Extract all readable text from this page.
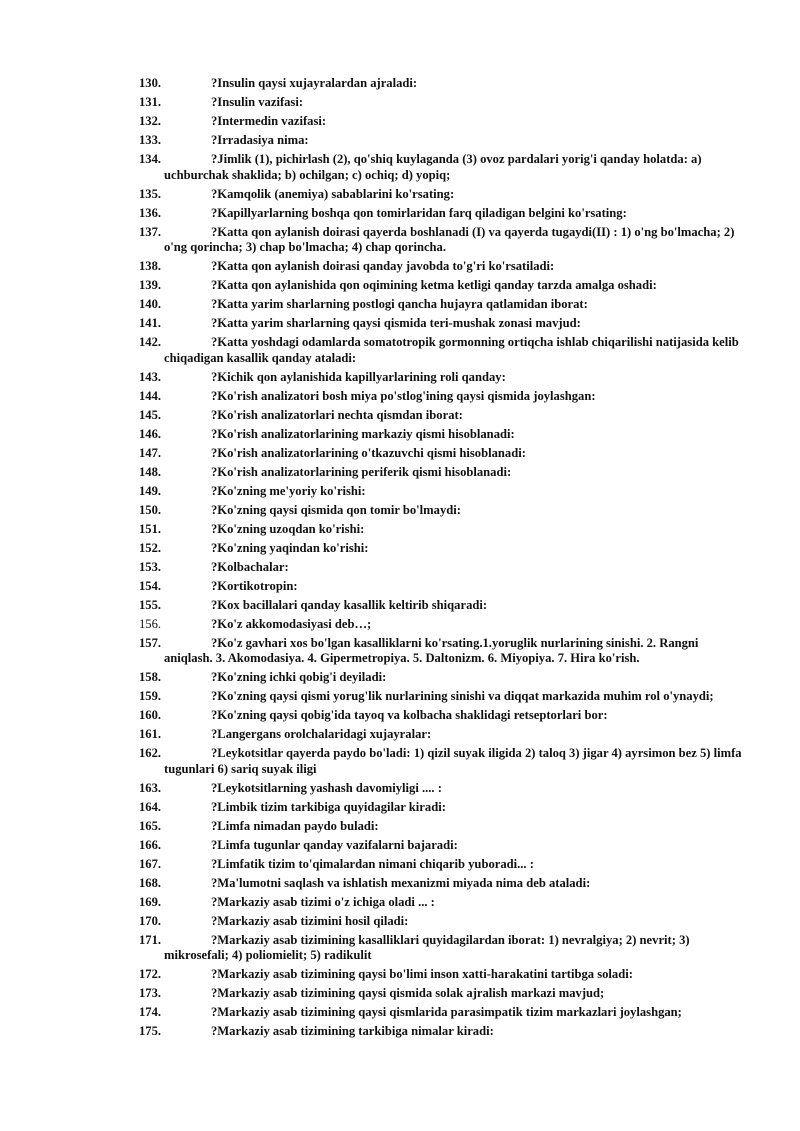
130.	?Insulin qaysi xujayralardan ajraladi:
131.	?Insulin vazifasi:
132.	?Intermedin vazifasi:
133.	?Irradasiya nima:
134.	?Jimlik (1), pichirlash (2), qo'shiq kuylaganda (3) ovoz pardalari yorig'i qanday holatda: a) uchburchak shaklida; b) ochilgan; c) ochiq; d) yopiq;
135.	?Kamqolik (anemiya) sabablarini ko'rsating:
136.	?Kapillyarlarning boshqa qon tomirlaridan farq qiladigan belgini ko'rsating:
137.	?Katta qon aylanish doirasi qayerda boshlanadi (I) va qayerda tugaydi(II) : 1) o'ng bo'lmacha; 2) o'ng qorincha; 3) chap bo'lmacha; 4) chap qorincha.
138.	?Katta qon aylanish doirasi qanday javobda to'g'ri ko'rsatiladi:
139.	?Katta qon aylanishida qon oqimining ketma ketligi qanday tarzda amalga oshadi:
140.	?Katta yarim sharlarning postlogi qancha hujayra qatlamidan iborat:
141.	?Katta yarim sharlarning qaysi qismida teri-mushak zonasi mavjud:
142.	?Katta yoshdagi odamlarda somatotropik gormonning ortiqcha ishlab chiqarilishi natijasida kelib chiqadigan kasallik qanday ataladi:
143.	?Kichik qon aylanishida kapillyarlarining roli qanday:
144.	?Ko'rish analizatori bosh miya po'stlog'ining qaysi qismida joylashgan:
145.	?Ko'rish analizatorlari nechta qismdan iborat:
146.	?Ko'rish analizatorlarining markaziy qismi hisoblanadi:
147.	?Ko'rish analizatorlarining o'tkazuvchi qismi hisoblanadi:
148.	?Ko'rish analizatorlarining periferik qismi hisoblanadi:
149.	?Ko'zning me'yoriy ko'rishi:
150.	?Ko'zning qaysi qismida qon tomir bo'lmaydi:
151.	?Ko'zning uzoqdan ko'rishi:
152.	?Ko'zning yaqindan ko'rishi:
153.	?Kolbachalar:
154.	?Kortikotropin:
155.	?Kox bacillalari qanday kasallik keltirib shiqaradi:
156.	?Ko'z akkomodasiyasi deb…;
157.	?Ko'z gavhari xos bo'lgan kasalliklarni ko'rsating.1.yoruglik nurlarining sinishi. 2. Rangni aniqlash. 3. Akomodasiya. 4. Gipermetropiya. 5. Daltonizm. 6. Miyopiya. 7. Hira ko'rish.
158.	?Ko'zning ichki qobig'i deyiladi:
159.	?Ko'zning qaysi qismi yorug'lik nurlarining sinishi va diqqat markazida muhim rol o'ynaydi;
160.	?Ko'zning qaysi qobig'ida tayoq va kolbacha shaklidagi retseptorlari bor:
161.	?Langergans orolchalaridagi xujayralar:
162.	?Leykotsitlar qayerda paydo bo'ladi: 1) qizil suyak iligida 2) taloq 3) jigar 4) ayrsimon bez 5) limfa tugunlari 6) sariq suyak iligi
163.	?Leykotsitlarning yashash davomiyligi .... :
164.	?Limbik tizim tarkibiga quyidagilar kiradi:
165.	?Limfa nimadan paydo buladi:
166.	?Limfa tugunlar qanday vazifalarni bajaradi:
167.	?Limfatik tizim to'qimalardan nimani chiqarib yuboradi... :
168.	?Ma'lumotni saqlash va ishlatish mexanizmi miyada nima deb ataladi:
169.	?Markaziy asab tizimi o'z ichiga oladi ... :
170.	?Markaziy asab tizimini hosil qiladi:
171.	?Markaziy asab tizimining kasalliklari quyidagilardan iborat: 1) nevralgiya; 2) nevrit; 3) mikrosefali; 4) poliomielit; 5) radikulit
172.	?Markaziy asab tizimining qaysi bo'limi inson xatti-harakatini tartibga soladi:
173.	?Markaziy asab tizimining qaysi qismida solak ajralish markazi mavjud;
174.	?Markaziy asab tizimining qaysi qismlarida parasimpatik tizim markazlari joylashgan;
175.	?Markaziy asab tizimining tarkibiga nimalar kiradi:
